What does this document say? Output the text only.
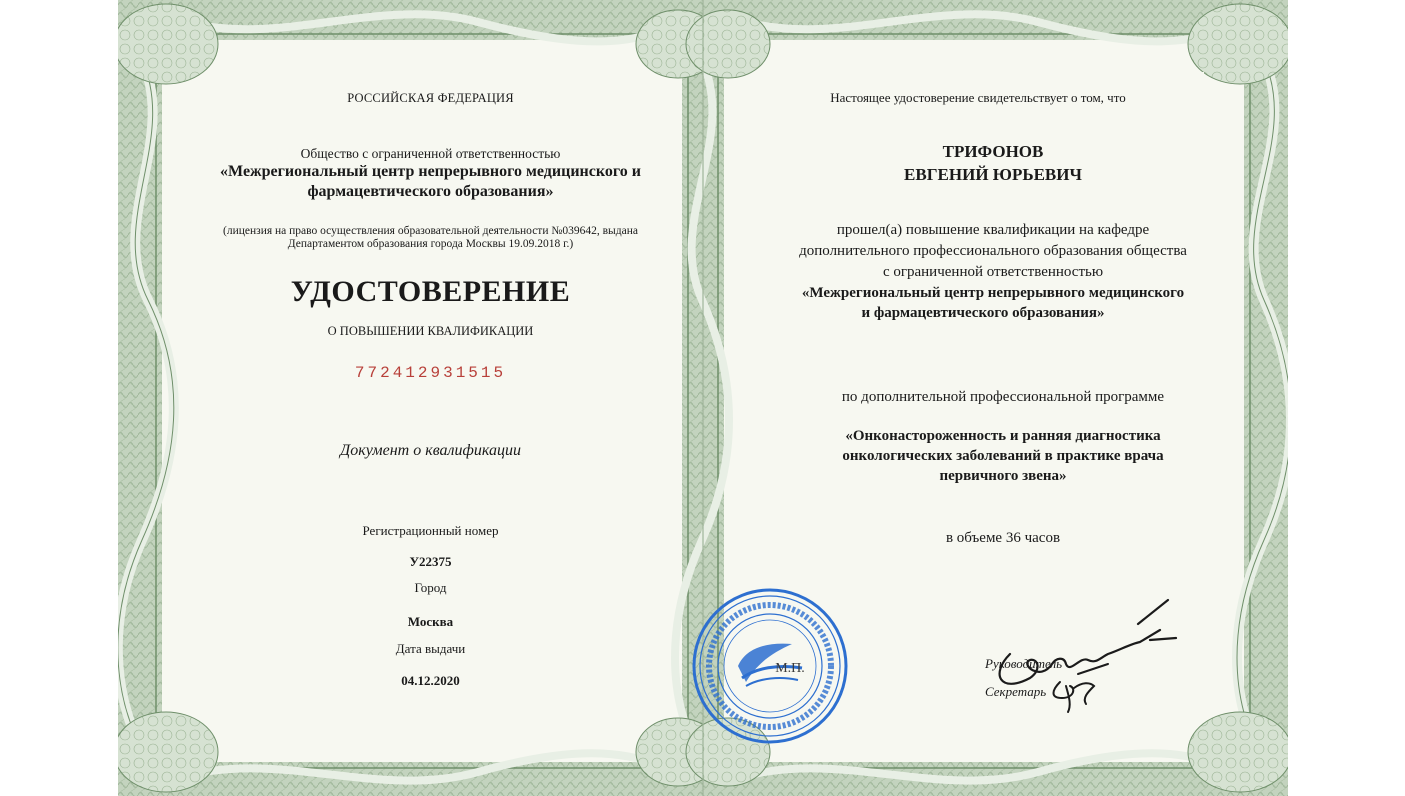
РОССИЙСКАЯ ФЕДЕРАЦИЯ
Общество с ограниченной ответственностью
«Межрегиональный центр непрерывного медицинского и
фармацевтического образования»
(лицензия на право осуществления образовательной деятельности №039642, выдана
Департаментом образования города Москвы 19.09.2018 г.)
УДОСТОВЕРЕНИЕ
О ПОВЫШЕНИИ КВАЛИФИКАЦИИ
772412931515
Документ о квалификации
Регистрационный номер
У22375
Город
Москва
Дата выдачи
04.12.2020
Настоящее удостоверение свидетельствует о том, что
ТРИФОНОВ
ЕВГЕНИЙ ЮРЬЕВИЧ
прошел(а) повышение квалификации на кафедре
дополнительного профессионального образования общества
с ограниченной ответственностью
«Межрегиональный центр непрерывного медицинского
и фармацевтического образования»
по дополнительной профессиональной программе
«Онконастороженность и ранняя диагностика
онкологических заболеваний в практике врача
первичного звена»
в объеме 36 часов
Руководитель
Секретарь
М.П.
